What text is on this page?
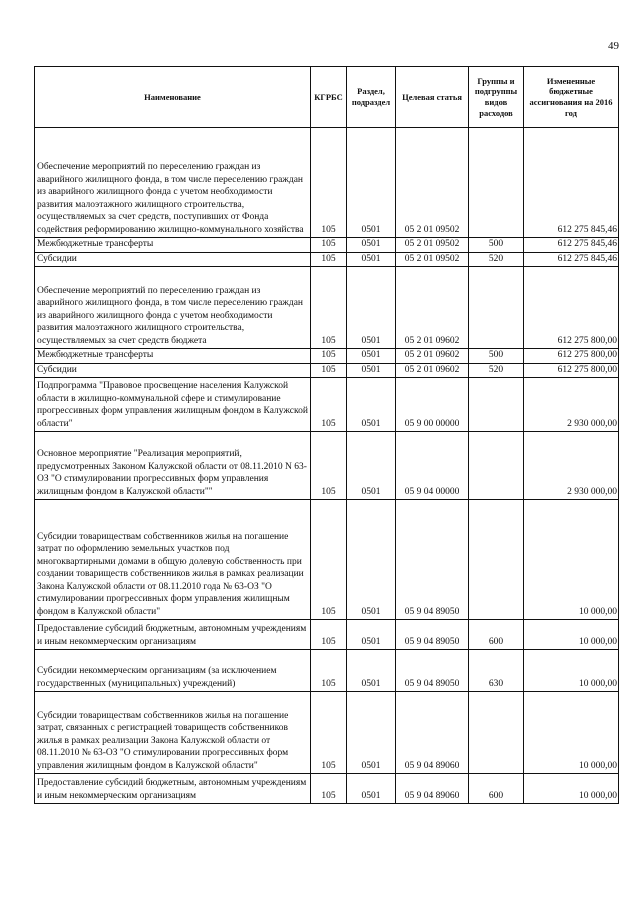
49
Наименование	КГРБС	Раздел, подраздел	Целевая статья	Группы и подгруппы видов расходов	Измененные бюджетные ассигнования на 2016 год
Обеспечение мероприятий по переселению граждан из аварийного жилищного фонда, в том числе переселению граждан из аварийного жилищного фонда с учетом необходимости развития малоэтажного жилищного строительства, осуществляемых за счет средств, поступивших от Фонда содействия реформированию жилищно-коммунального хозяйства	105	0501	05 2 01 09502		612 275 845,46
Межбюджетные трансферты	105	0501	05 2 01 09502	500	612 275 845,46
Субсидии	105	0501	05 2 01 09502	520	612 275 845,46
Обеспечение мероприятий по переселению граждан из аварийного жилищного фонда, в том числе переселению граждан из аварийного жилищного фонда с учетом необходимости развития малоэтажного жилищного строительства, осуществляемых за счет средств бюджета	105	0501	05 2 01 09602		612 275 800,00
Межбюджетные трансферты	105	0501	05 2 01 09602	500	612 275 800,00
Субсидии	105	0501	05 2 01 09602	520	612 275 800,00
Подпрограмма "Правовое просвещение населения Калужской области в жилищно-коммунальной сфере и стимулирование прогрессивных форм управления жилищным фондом в Калужской области"	105	0501	05 9 00 00000		2 930 000,00
Основное мероприятие "Реализация мероприятий, предусмотренных Законом Калужской области от 08.11.2010 N 63-ОЗ "О стимулировании прогрессивных форм управления жилищным фондом в Калужской области""	105	0501	05 9 04 00000		2 930 000,00
Субсидии товариществам собственников жилья на погашение затрат по оформлению земельных участков под многоквартирными домами в общую долевую собственность при создании товариществ собственников жилья в рамках реализации Закона Калужской области от 08.11.2010 года № 63-ОЗ "О стимулировании прогрессивных форм управления жилищным фондом в Калужской области"	105	0501	05 9 04 89050		10 000,00
Предоставление субсидий бюджетным, автономным учреждениям и иным некоммерческим организациям	105	0501	05 9 04 89050	600	10 000,00
Субсидии некоммерческим организациям (за исключением государственных (муниципальных) учреждений)	105	0501	05 9 04 89050	630	10 000,00
Субсидии товариществам собственников жилья на погашение затрат, связанных с регистрацией товариществ собственников жилья в рамках реализации Закона Калужской области от 08.11.2010 № 63-ОЗ "О стимулировании прогрессивных форм управления жилищным фондом в Калужской области"	105	0501	05 9 04 89060		10 000,00
Предоставление субсидий бюджетным, автономным учреждениям и иным некоммерческим организациям	105	0501	05 9 04 89060	600	10 000,00
